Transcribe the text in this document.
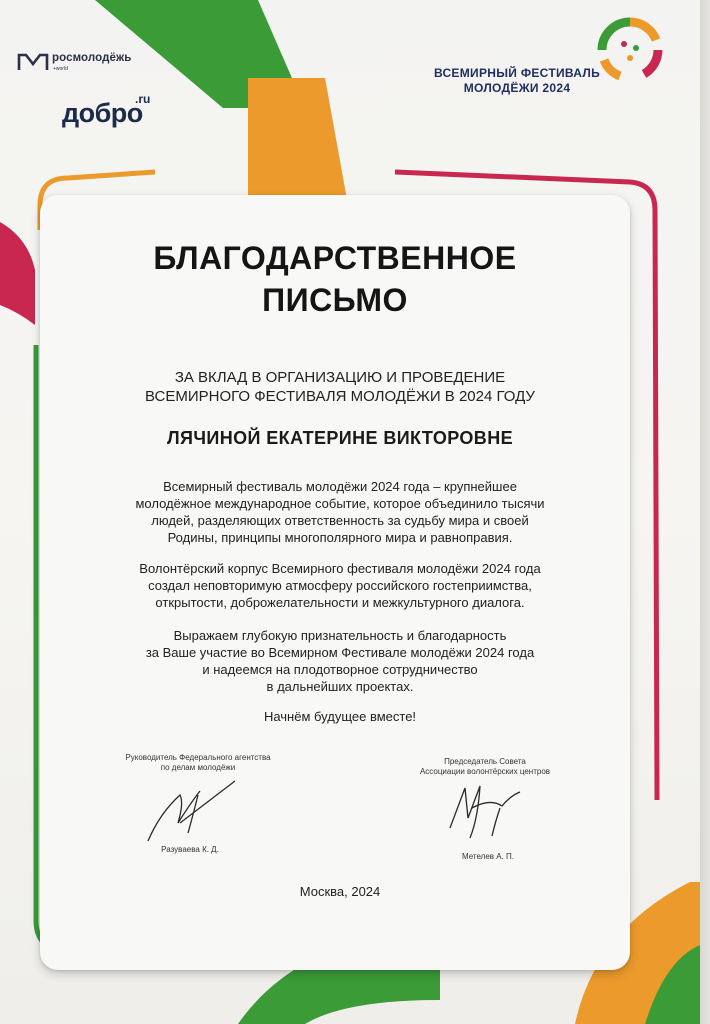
росмолодёжь
+world
добро
.ru
ВСЕМИРНЫЙ ФЕСТИВАЛЬ
МОЛОДЁЖИ 2024
БЛАГОДАРСТВЕННОЕ
ПИСЬМО
ЗА ВКЛАД В ОРГАНИЗАЦИЮ И ПРОВЕДЕНИЕ
ВСЕМИРНОГО ФЕСТИВАЛЯ МОЛОДЁЖИ В 2024 ГОДУ
ЛЯЧИНОЙ ЕКАТЕРИНЕ ВИКТОРОВНЕ
Всемирный фестиваль молодёжи 2024 года – крупнейшее
молодёжное международное событие, которое объединило тысячи
людей, разделяющих ответственность за судьбу мира и своей
Родины, принципы многополярного мира и равноправия.
Волонтёрский корпус Всемирного фестиваля молодёжи 2024 года
создал неповторимую атмосферу российского гостеприимства,
открытости, доброжелательности и межкультурного диалога.
Выражаем глубокую признательность и благодарность
за Ваше участие во Всемирном Фестивале молодёжи 2024 года
и надеемся на плодотворное сотрудничество
в дальнейших проектах.
Начнём будущее вместе!
Руководитель Федерального агентства
по делам молодёжи
Разуваева К. Д.
Председатель Совета
Ассоциации волонтёрских центров
Метелев А. П.
Москва, 2024
